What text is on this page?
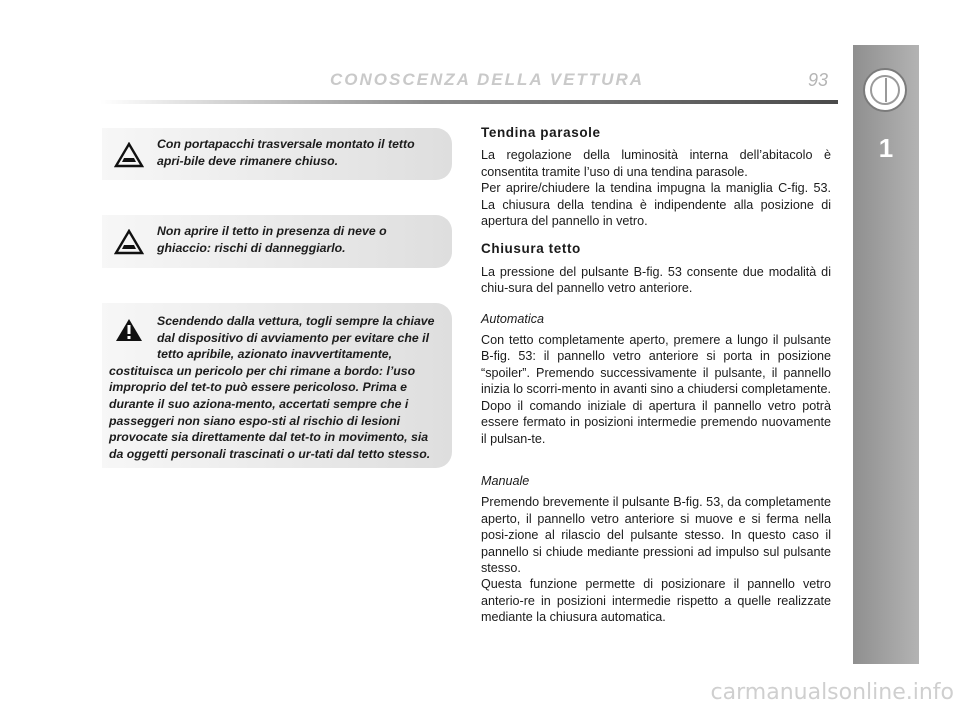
CONOSCENZA DELLA VETTURA	93
1
Con portapacchi trasversale montato il tetto apri-bile deve rimanere chiuso.
Non aprire il tetto in presenza di neve o ghiaccio: rischi di danneggiarlo.
Scendendo dalla vettura, togli sempre la chiave dal dispositivo di avviamento per evitare che il tetto apribile, azionato inavvertitamente, costituisca un pericolo per chi rimane a bordo: l’uso improprio del tet-to può essere pericoloso. Prima e durante il suo aziona-mento, accertati sempre che i passeggeri non siano espo-sti al rischio di lesioni provocate sia direttamente dal tet-to in movimento, sia da oggetti personali trascinati o ur-tati dal tetto stesso.
Tendina parasole

La regolazione della luminosità interna dell’abitacolo è consentita tramite l’uso di una tendina parasole.

Per aprire/chiudere la tendina impugna la maniglia C-fig. 53. La chiusura della tendina è indipendente alla posizione di apertura del pannello in vetro.

Chiusura tetto

La pressione del pulsante B-fig. 53 consente due modalità di chiu-sura del pannello vetro anteriore.

Automatica

Con tetto completamente aperto, premere a lungo il pulsante B-fig. 53: il pannello vetro anteriore si porta in posizione “spoiler”. Premendo successivamente il pulsante, il pannello inizia lo scorri-mento in avanti sino a chiudersi completamente.

Dopo il comando iniziale di apertura il pannello vetro potrà essere fermato in posizioni intermedie premendo nuovamente il pulsan-te.

Manuale

Premendo brevemente il pulsante B-fig. 53, da completamente aperto, il pannello vetro anteriore si muove e si ferma nella posi-zione al rilascio del pulsante stesso. In questo caso il pannello si chiude mediante pressioni ad impulso sul pulsante stesso.

Questa funzione permette di posizionare il pannello vetro anterio-re in posizioni intermedie rispetto a quelle realizzate mediante la chiusura automatica.

carmanualsonline.info
